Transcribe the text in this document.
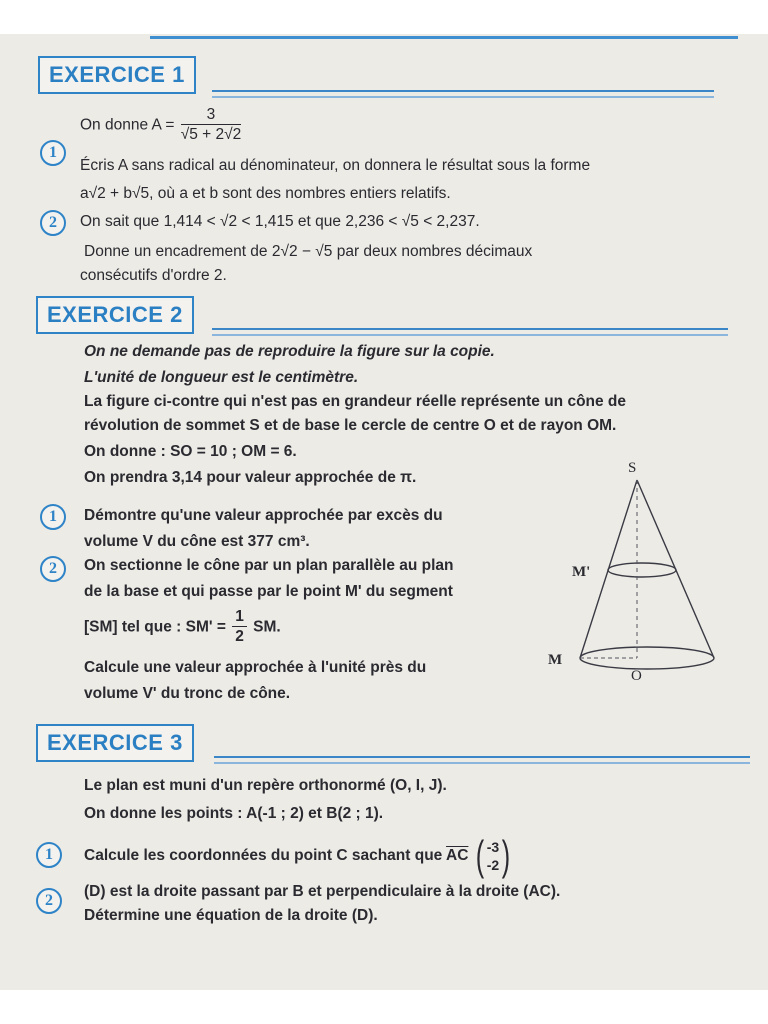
EXERCICE 1
On donne $A = \frac{3}{√5 + 2√2}$
1
Écris A sans radical au dénominateur, on donnera le résultat sous la forme
a√2 + b√5, où a et b sont des nombres entiers relatifs.
2	On sait que 1,414 < √2 < 1,415 et que 2,236 < √5 < 2,237.
Donne un encadrement de 2√2 − √5 par deux nombres décimaux
consécutifs d'ordre 2.
EXERCICE 2
On ne demande pas de reproduire la figure sur la copie.
L'unité de longueur est le centimètre.
La figure ci-contre qui n'est pas en grandeur réelle représente un cône de
révolution de sommet S et de base le cercle de centre O et de rayon OM.
On donne : SO = 10 ; OM = 6.
On prendra 3,14 pour valeur approchée de π.
1	Démontre qu'une valeur approchée par excès du
volume V du cône est 377 cm³.
2	On sectionne le cône par un plan parallèle au plan
de la base et qui passe par le point M' du segment
[SM] tel que : $SM' = \frac{1}{2}$ SM.
Calcule une valeur approchée à l'unité près du
volume V' du tronc de cône.
S
M'
M
O
EXERCICE 3
Le plan est muni d'un repère orthonormé (O, I, J).
On donne les points : A(-1 ; 2) et B(2 ; 1).
1	Calcule les coordonnées du point C sachant que $\overline{AC}$ ( -3
-2 )
2
(D) est la droite passant par B et perpendiculaire à la droite (AC).
Détermine une équation de la droite (D).
